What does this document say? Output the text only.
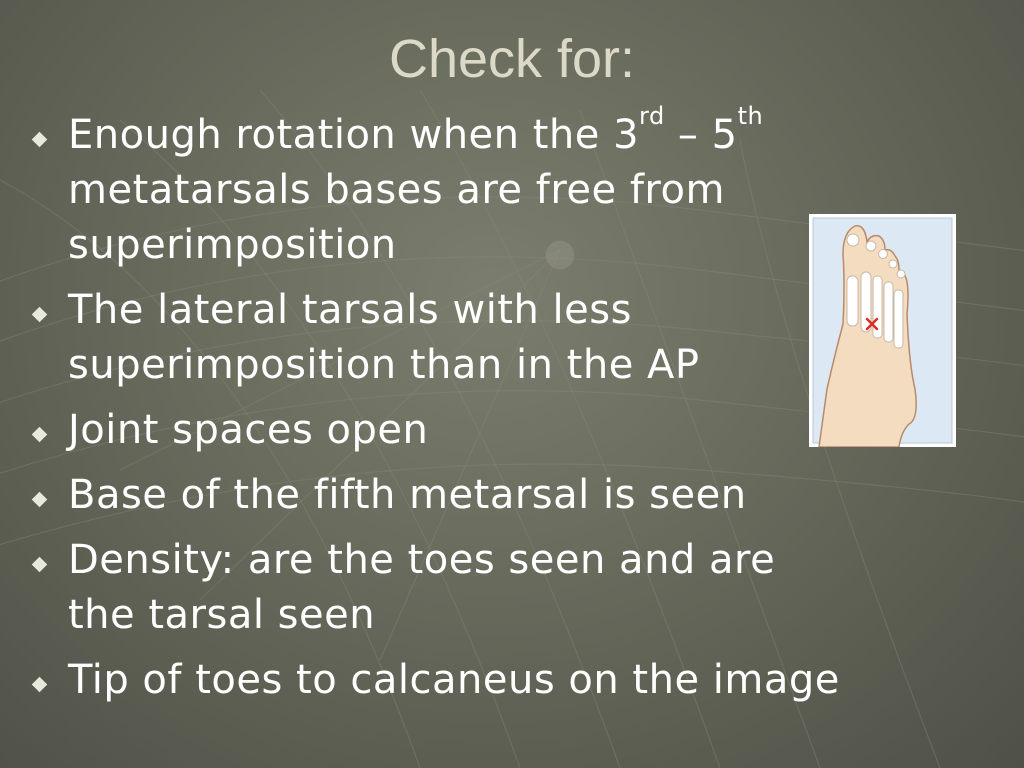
Check for:
Enough rotation when the 3rd – 5th metatarsals bases are free from superimposition
The lateral tarsals with less superimposition than in the AP
Joint spaces open
Base of the fifth metarsal is seen
Density: are the toes seen and are the tarsal seen
Tip of toes to calcaneus on the image
